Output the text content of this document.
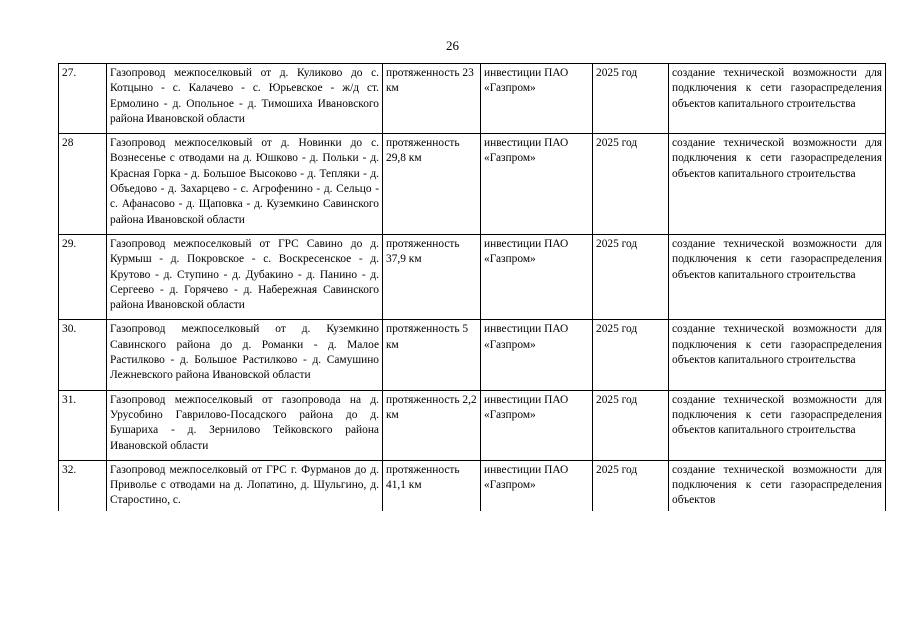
26
27.	Газопровод межпоселковый от д. Куликово до с. Котцыно - с. Калачево - с. Юрьевское - ж/д ст. Ермолино - д. Опольное - д. Тимошиха Ивановского района Ивановской области	протяженность 23 км	инвестиции ПАО «Газпром»	2025 год	создание технической возможности для подключения к сети газораспределения объектов капитального строительства
28	Газопровод межпоселковый от д. Новинки до с. Вознесенье с отводами на д. Юшково - д. Польки - д. Красная Горка - д. Большое Высоково - д. Тепляки - д. Объедово - д. Захарцево - с. Агрофенино - д. Сельцо - с. Афанасово - д. Щаповка - д. Куземкино Савинского района Ивановской области	протяженность 29,8 км	инвестиции ПАО «Газпром»	2025 год	создание технической возможности для подключения к сети газораспределения объектов капитального строительства
29.	Газопровод межпоселковый от ГРС Савино до д. Курмыш - д. Покровское - с. Воскресенское - д. Крутово - д. Ступино - д. Дубакино - д. Панино - д. Сергеево - д. Горячево - д. Набережная Савинского района Ивановской области	протяженность 37,9 км	инвестиции ПАО «Газпром»	2025 год	создание технической возможности для подключения к сети газораспределения объектов капитального строительства
30.	Газопровод межпоселковый от д. Куземкино Савинского района до д. Романки - д. Малое Растилково - д. Большое Растилково - д. Самушино Лежневского района Ивановской области	протяженность 5 км	инвестиции ПАО «Газпром»	2025 год	создание технической возможности для подключения к сети газораспределения объектов капитального строительства
31.	Газопровод межпоселковый от газопровода на д. Урусобино Гаврилово-Посадского района до д. Бушариха - д. Зернилово Тейковского района Ивановской области	протяженность 2,2 км	инвестиции ПАО «Газпром»	2025 год	создание технической возможности для подключения к сети газораспределения объектов капитального строительства
32.	Газопровод межпоселковый от ГРС г. Фурманов до д. Приволье с отводами на д. Лопатино, д. Шульгино, д. Старостино, с.	протяженность 41,1 км	инвестиции ПАО «Газпром»	2025 год	создание технической возможности для подключения к сети газораспределения объектов
